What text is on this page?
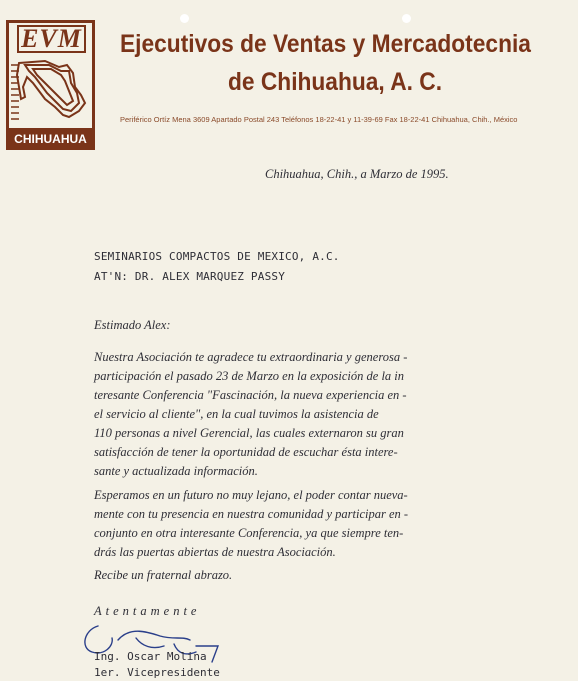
EVM
CHIHUAHUA
Ejecutivos de Ventas y Mercadotecnia
de Chihuahua, A. C.
Periférico Ortíz Mena 3609 Apartado Postal 243 Teléfonos 18-22-41 y 11-39-69 Fax 18-22-41 Chihuahua, Chih., México
Chihuahua, Chih., a Marzo de 1995.
SEMINARIOS COMPACTOS DE MEXICO, A.C.
AT'N: DR. ALEX MARQUEZ PASSY
Estimado Alex:
Nuestra Asociación te agradece tu extraordinaria y generosa -
participación el pasado 23 de Marzo en la exposición de la in
teresante Conferencia "Fascinación, la nueva experiencia en -
el servicio al cliente", en la cual tuvimos la asistencia de
110 personas a nivel Gerencial, las cuales externaron su gran
satisfacción de tener la oportunidad de escuchar ésta intere-
sante y actualizada información.
Esperamos en un futuro no muy lejano, el poder contar nueva-
mente con tu presencia en nuestra comunidad y participar en -
conjunto en otra interesante Conferencia, ya que siempre ten-
drás las puertas abiertas de nuestra Asociación.
Recibe un fraternal abrazo.
Atentamente
Ing. Oscar Molina
1er. Vicepresidente
